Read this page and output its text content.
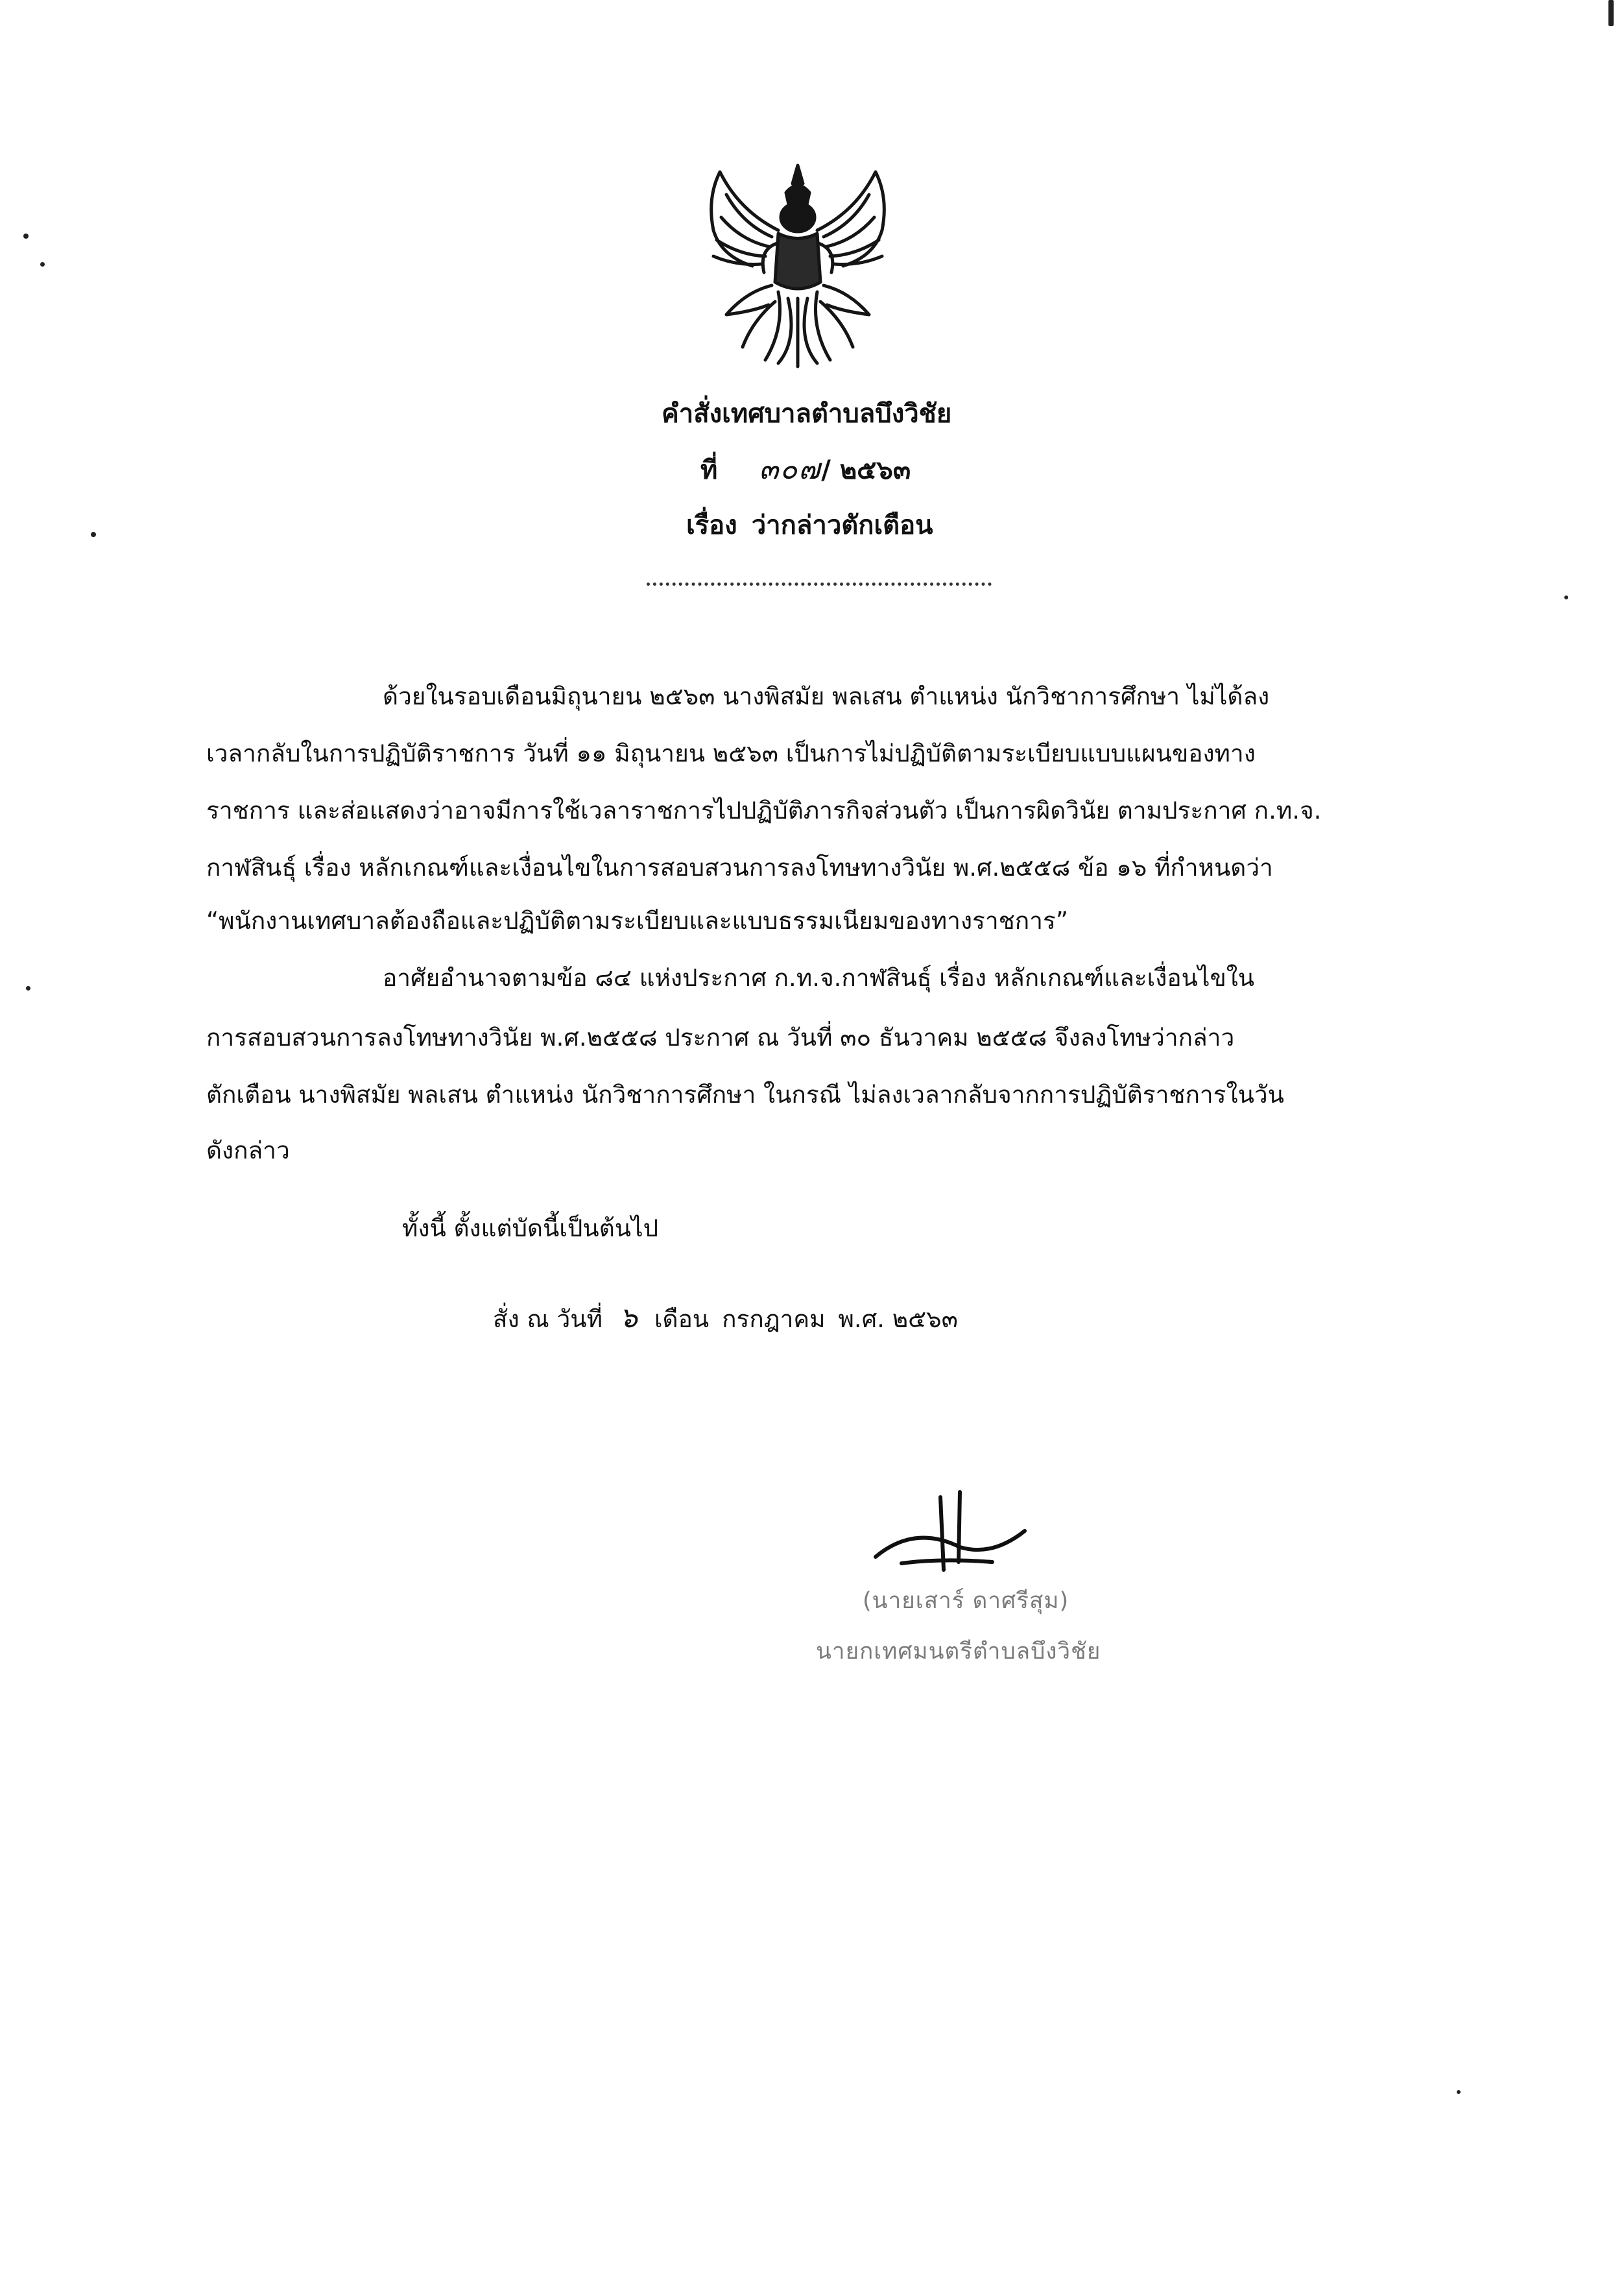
คำสั่งเทศบาลตำบลบึงวิชัย
ที่ ๓๐๗/ ๒๕๖๓
เรื่อง ว่ากล่าวตักเตือน
ด้วยในรอบเดือนมิถุนายน ๒๕๖๓ นางพิสมัย พลเสน ตำแหน่ง นักวิชาการศึกษา ไม่ได้ลง
เวลากลับในการปฏิบัติราชการ วันที่ ๑๑ มิถุนายน ๒๕๖๓ เป็นการไม่ปฏิบัติตามระเบียบแบบแผนของทาง
ราชการ และส่อแสดงว่าอาจมีการใช้เวลาราชการไปปฏิบัติภารกิจส่วนตัว เป็นการผิดวินัย ตามประกาศ ก.ท.จ.
กาฬสินธุ์ เรื่อง หลักเกณฑ์และเงื่อนไขในการสอบสวนการลงโทษทางวินัย พ.ศ.๒๕๕๘ ข้อ ๑๖ ที่กำหนดว่า
“พนักงานเทศบาลต้องถือและปฏิบัติตามระเบียบและแบบธรรมเนียมของทางราชการ”
อาศัยอำนาจตามข้อ ๘๔ แห่งประกาศ ก.ท.จ.กาฬสินธุ์ เรื่อง หลักเกณฑ์และเงื่อนไขใน
การสอบสวนการลงโทษทางวินัย พ.ศ.๒๕๕๘ ประกาศ ณ วันที่ ๓๐ ธันวาคม ๒๕๕๘ จึงลงโทษว่ากล่าว
ตักเตือน นางพิสมัย พลเสน ตำแหน่ง นักวิชาการศึกษา ในกรณี ไม่ลงเวลากลับจากการปฏิบัติราชการในวัน
ดังกล่าว
ทั้งนี้ ตั้งแต่บัดนี้เป็นต้นไป
สั่ง ณ วันที่ ๖ เดือน กรกฎาคม พ.ศ. ๒๕๖๓
(นายเสาร์ ดาศรีสุม)
นายกเทศมนตรีตำบลบึงวิชัย
